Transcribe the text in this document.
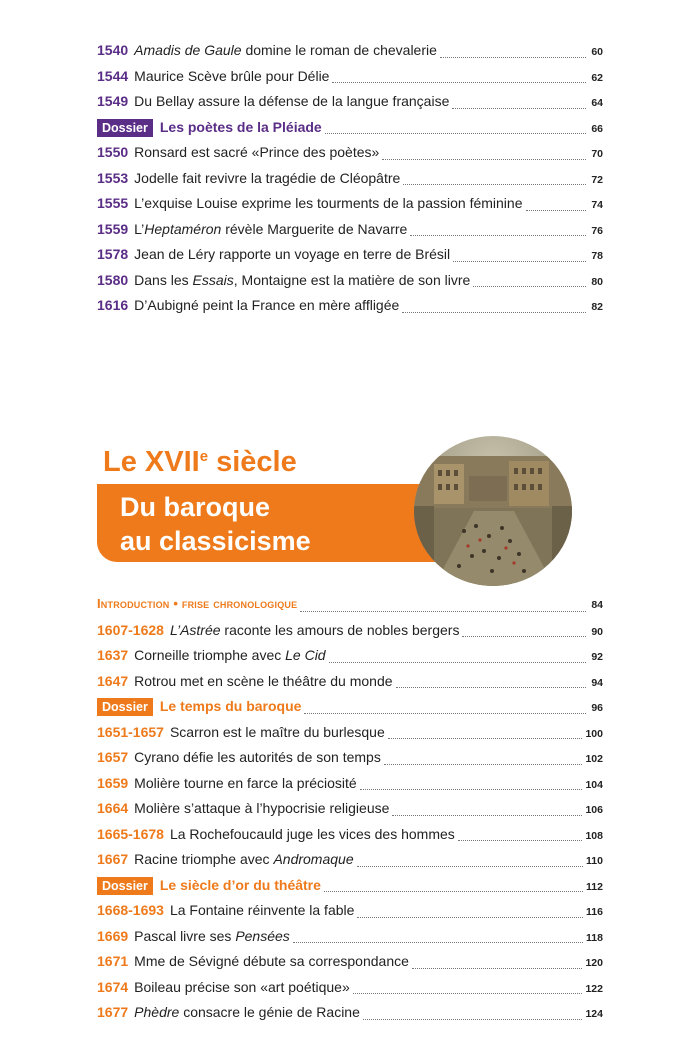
1540 Amadis de Gaule domine le roman de chevalerie	60
1544 Maurice Scève brûle pour Délie	62
1549 Du Bellay assure la défense de la langue française	64
Dossier Les poètes de la Pléiade	66
1550 Ronsard est sacré «Prince des poètes»	70
1553 Jodelle fait revivre la tragédie de Cléopâtre	72
1555 L’exquise Louise exprime les tourments de la passion féminine	74
1559 L’Heptaméron révèle Marguerite de Navarre	76
1578 Jean de Léry rapporte un voyage en terre de Brésil	78
1580 Dans les Essais, Montaigne est la matière de son livre	80
1616 D’Aubigné peint la France en mère affligée	82
Le XVIIe siècle
Du baroque
au classicisme
Introduction • frise chronologique	84
1607-1628 L’Astrée raconte les amours de nobles bergers	90
1637 Corneille triomphe avec Le Cid	92
1647 Rotrou met en scène le théâtre du monde	94
Dossier Le temps du baroque	96
1651-1657 Scarron est le maître du burlesque	100
1657 Cyrano défie les autorités de son temps	102
1659 Molière tourne en farce la préciosité	104
1664 Molière s’attaque à l’hypocrisie religieuse	106
1665-1678 La Rochefoucauld juge les vices des hommes	108
1667 Racine triomphe avec Andromaque	110
Dossier Le siècle d’or du théâtre	112
1668-1693 La Fontaine réinvente la fable	116
1669 Pascal livre ses Pensées	118
1671 Mme de Sévigné débute sa correspondance	120
1674 Boileau précise son «art poétique»	122
1677 Phèdre consacre le génie de Racine	124
